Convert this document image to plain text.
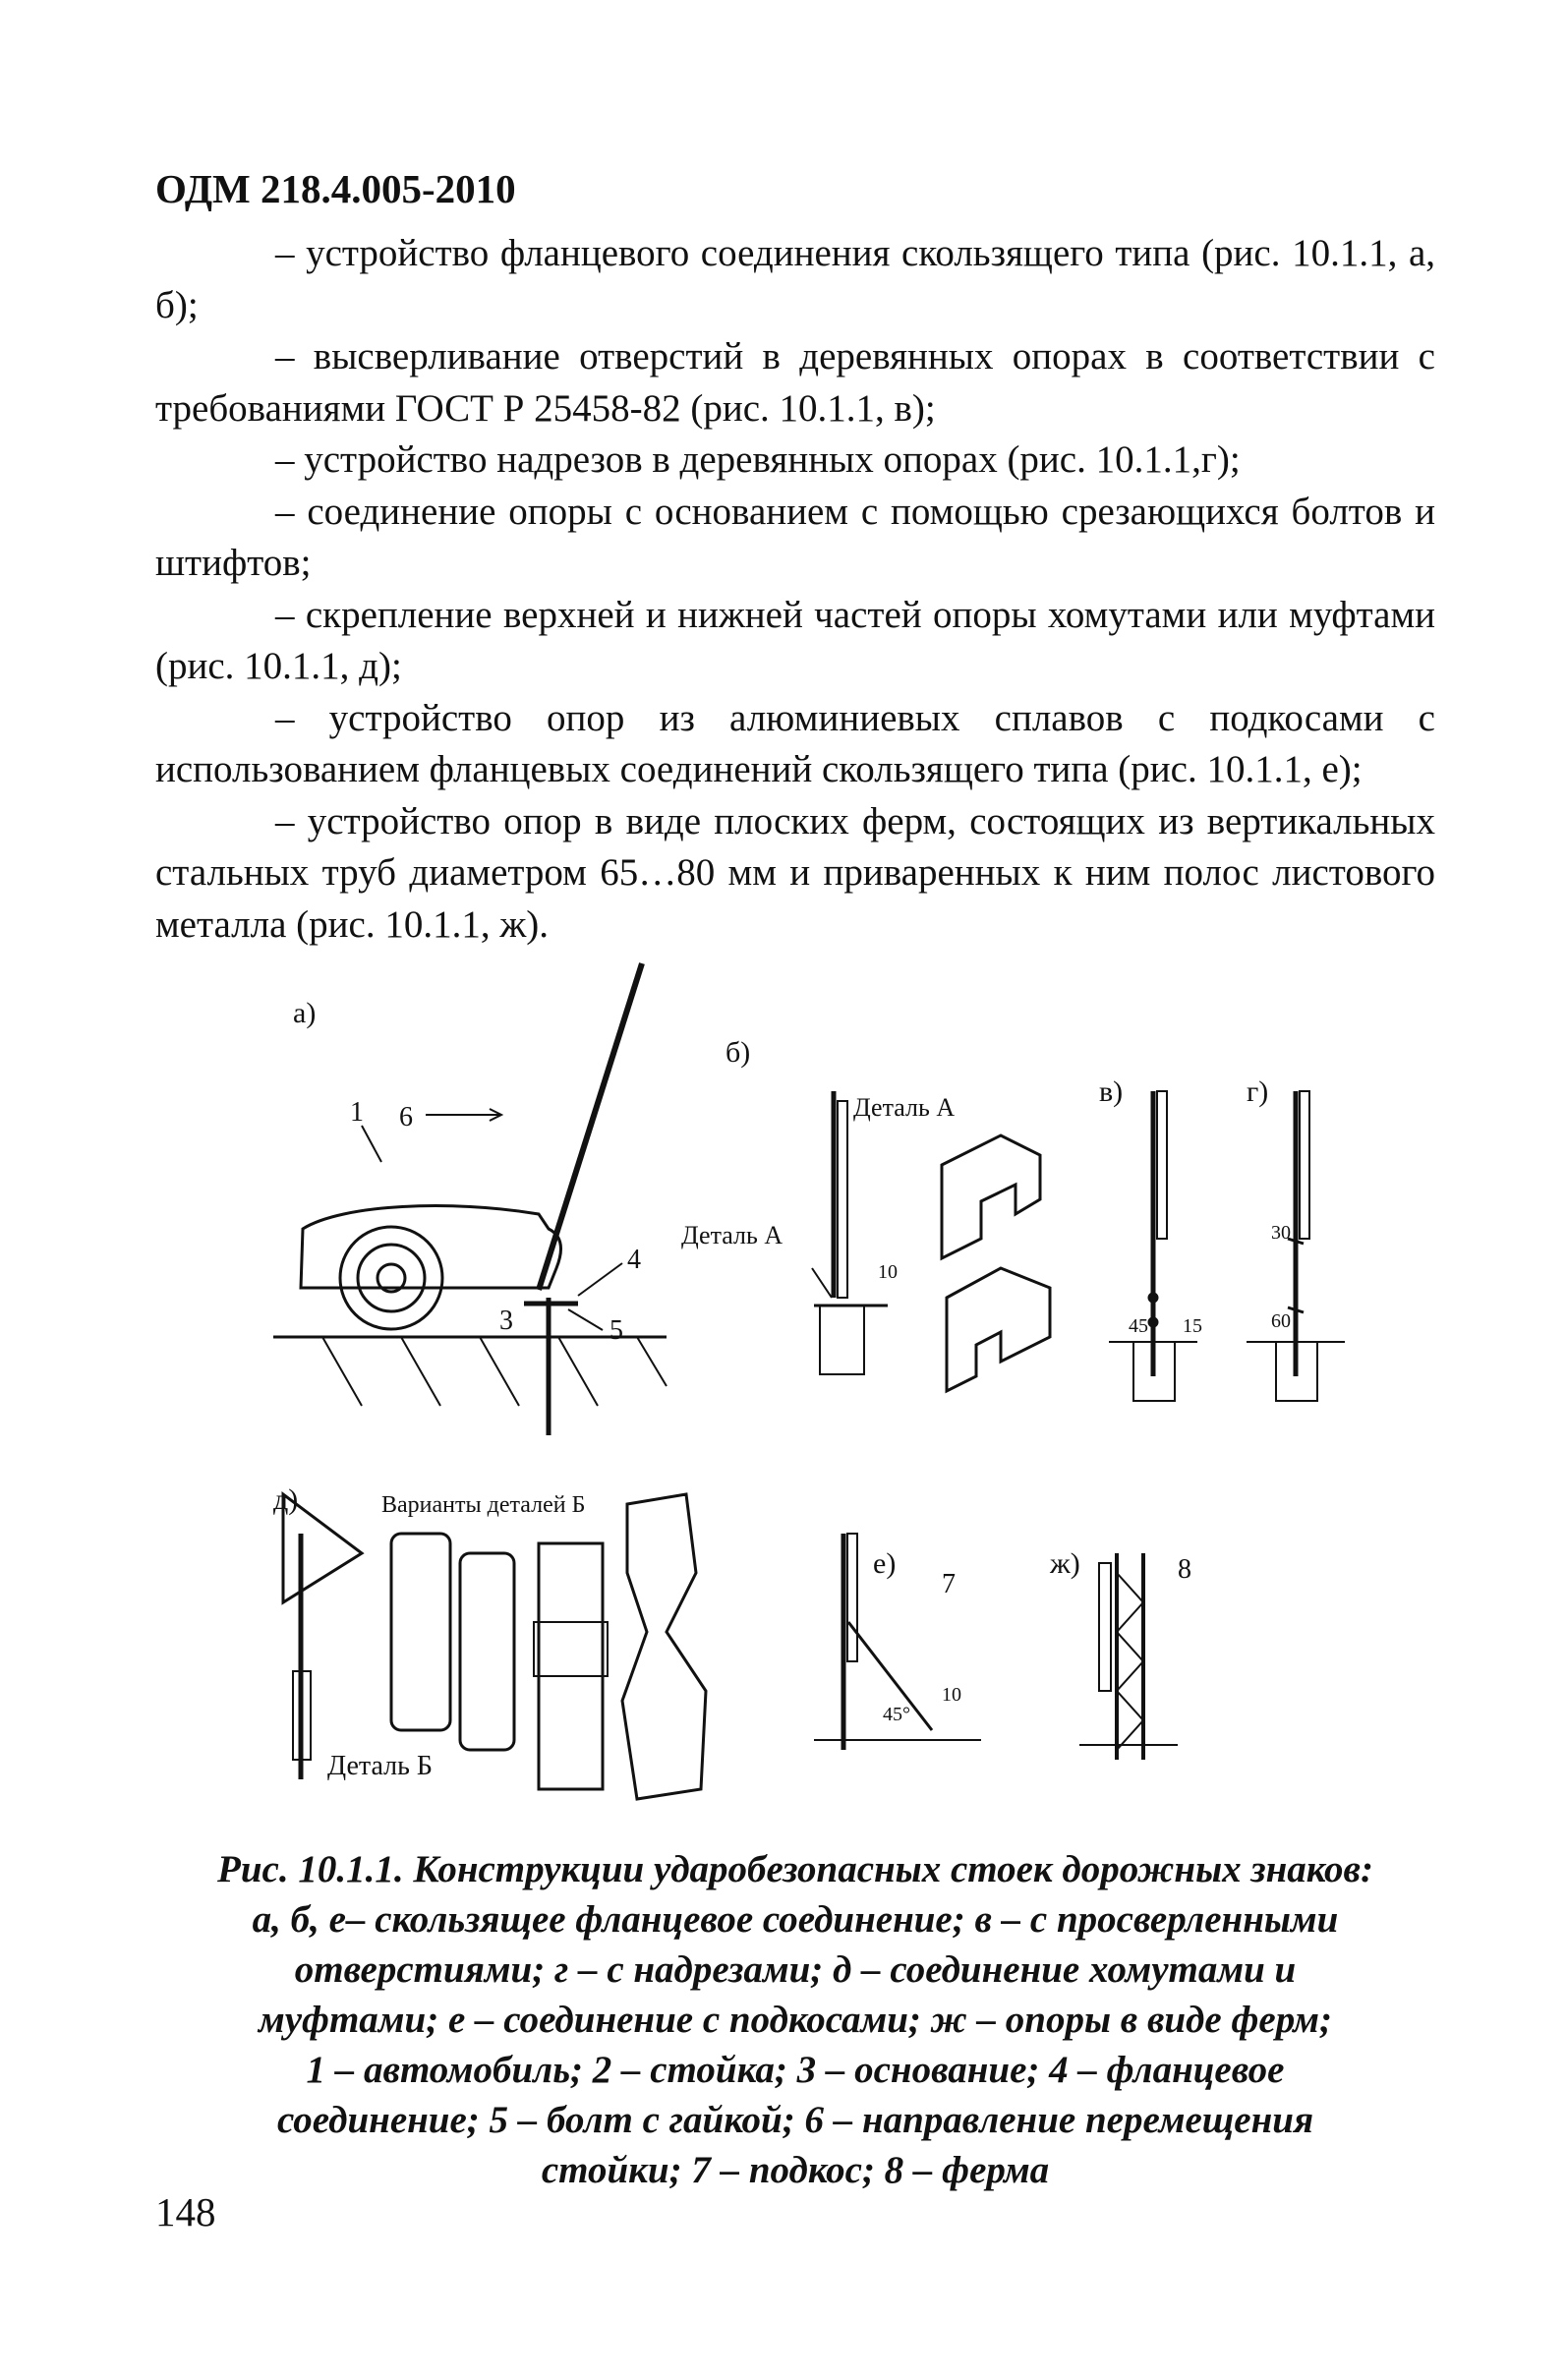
ОДМ 218.4.005-2010

– устройство фланцевого соединения скользящего типа (рис. 10.1.1, а, б);

– высверливание отверстий в деревянных опорах в соответствии с требованиями ГОСТ Р 25458-82 (рис. 10.1.1, в);

– устройство надрезов в деревянных опорах (рис. 10.1.1,г);

– соединение опоры с основанием с помощью срезающихся болтов и штифтов;

– скрепление верхней и нижней частей опоры хомутами или муфтами (рис. 10.1.1, д);

– устройство опор из алюминиевых сплавов с подкосами с использованием фланцевых соединений скользящего типа (рис. 10.1.1, е);

– устройство опор в виде плоских ферм, состоящих из вертикальных стальных труб диаметром 65…80 мм и приваренных к ним полос листового металла (рис. 10.1.1, ж).

а)
б)
в)	г)
д)
е)	ж)
Деталь А
Деталь А
Варианты деталей Б
Деталь Б
1 6
4
3	5
7	8
10
45 15
30
60
45°
10
Рис. 10.1.1. Конструкции ударобезопасных стоек дорожных знаков:
а, б, е– скользящее фланцевое соединение; в – с просверленными
отверстиями; г – с надрезами; д – соединение хомутами и
муфтами; е – соединение с подкосами; ж – опоры в виде ферм;
1 – автомобиль; 2 – стойка; 3 – основание; 4 – фланцевое
соединение; 5 – болт с гайкой; 6 – направление перемещения
стойки; 7 – подкос; 8 – ферма
148
